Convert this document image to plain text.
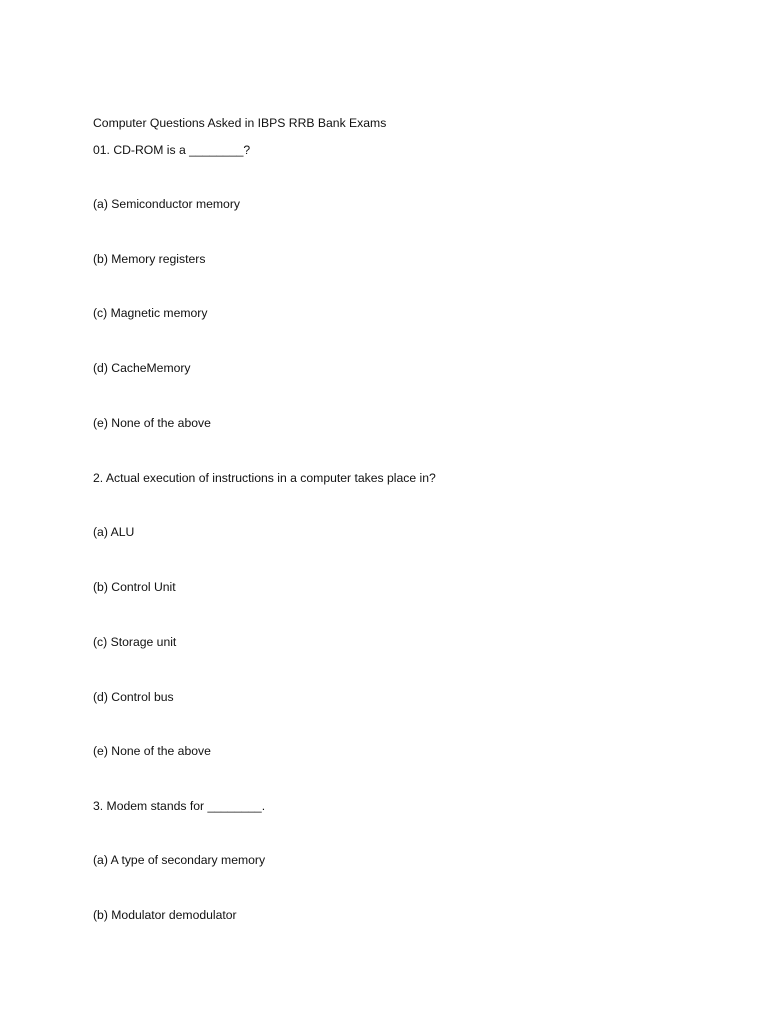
Computer Questions Asked in IBPS RRB Bank Exams
01. CD-ROM is a ________?
(a) Semiconductor memory
(b) Memory registers
(c) Magnetic memory
(d) CacheMemory
(e) None of the above
2. Actual execution of instructions in a computer takes place in?
(a) ALU
(b) Control Unit
(c) Storage unit
(d) Control bus
(e) None of the above
3. Modem stands for ________.
(a) A type of secondary memory
(b) Modulator demodulator
